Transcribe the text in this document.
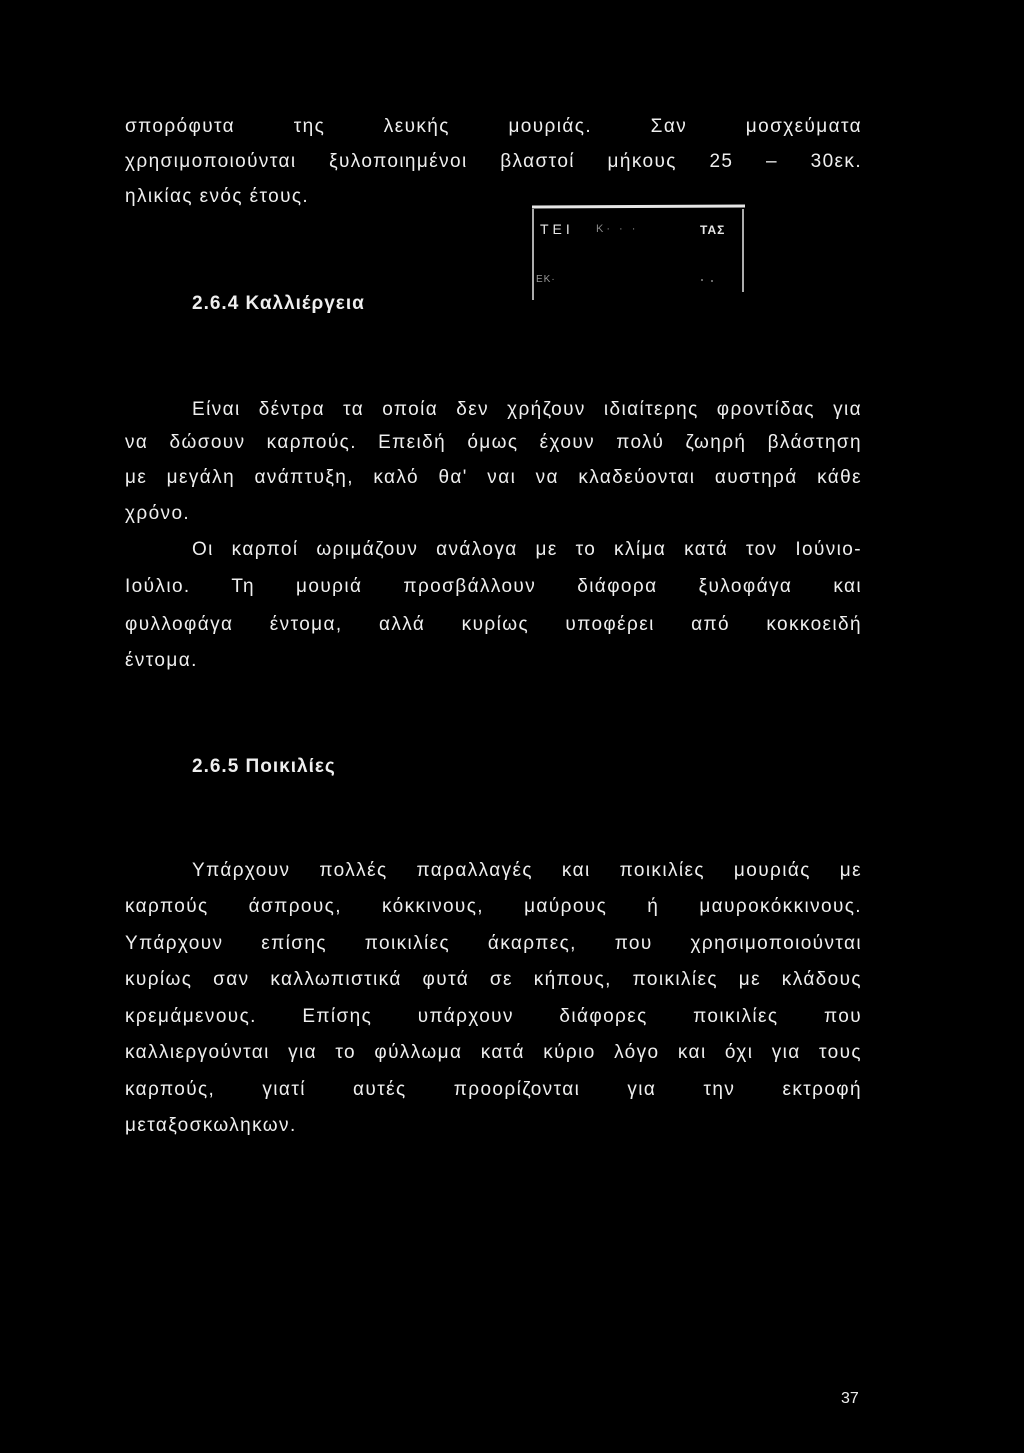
σπορόφυτα της λευκής μουριάς. Σαν μοσχεύματα
χρησιμοποιούνται ξυλοποιημένοι βλαστοί μήκους 25 – 30εκ.
ηλικίας ενός έτους.
ΤΕΙ Κ· · ·	ΤΑΣ
ΕΚ·
2.6.4 Καλλιέργεια
Είναι δέντρα τα οποία δεν χρήζουν ιδιαίτερης φροντίδας για
να δώσουν καρπούς. Επειδή όμως έχουν πολύ ζωηρή βλάστηση
με μεγάλη ανάπτυξη, καλό θα' ναι να κλαδεύονται αυστηρά κάθε
χρόνο.
Οι καρποί ωριμάζουν ανάλογα με το κλίμα κατά τον Ιούνιο-
Ιούλιο. Τη μουριά προσβάλλουν διάφορα ξυλοφάγα και
φυλλοφάγα έντομα, αλλά κυρίως υποφέρει από κοκκοειδή
έντομα.
2.6.5 Ποικιλίες
Υπάρχουν πολλές παραλλαγές και ποικιλίες μουριάς με
καρπούς άσπρους, κόκκινους, μαύρους ή μαυροκόκκινους.
Υπάρχουν επίσης ποικιλίες άκαρπες, που χρησιμοποιούνται
κυρίως σαν καλλωπιστικά φυτά σε κήπους, ποικιλίες με κλάδους
κρεμάμενους. Επίσης υπάρχουν διάφορες ποικιλίες που
καλλιεργούνται για το φύλλωμα κατά κύριο λόγο και όχι για τους
καρπούς, γιατί αυτές προορίζονται για την εκτροφή
μεταξοσκωληκων.
37
